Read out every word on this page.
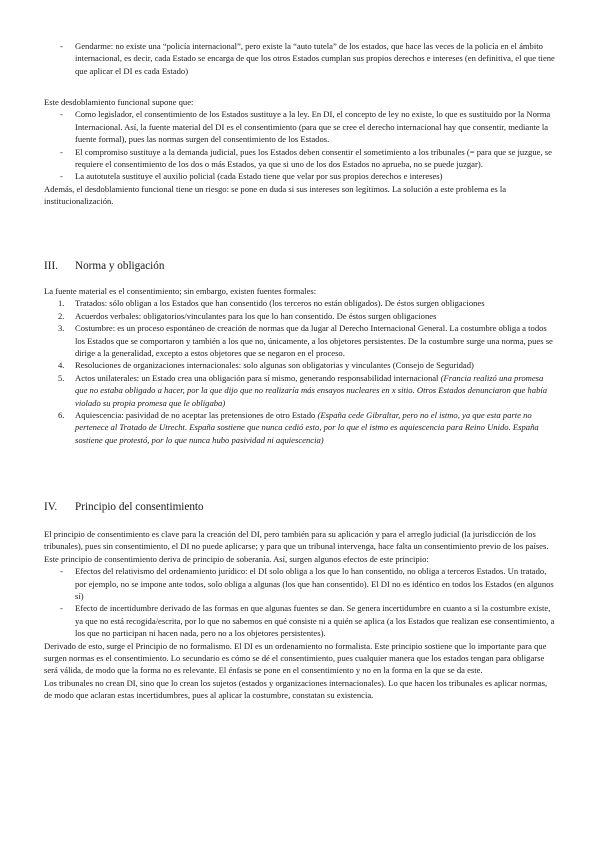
- Gendarme: no existe una “policía internacional”, pero existe la “auto tutela” de los estados, que hace las veces de la policía en el ámbito internacional, es decir, cada Estado se encarga de que los otros Estados cumplan sus propios derechos e intereses (en definitiva, el que tiene que aplicar el DI es cada Estado)

Este desdoblamiento funcional supone que:

- Como legislador, el consentimiento de los Estados sustituye a la ley. En DI, el concepto de ley no existe, lo que es sustituido por la Norma Internacional. Así, la fuente material del DI es el consentimiento (para que se cree el derecho internacional hay que consentir, mediante la fuente formal), pues las normas surgen del consentimiento de los Estados.
- El compromiso sustituye a la demanda judicial, pues los Estados deben consentir el sometimiento a los tribunales (= para que se juzgue, se requiere el consentimiento de los dos o más Estados, ya que si uno de los dos Estados no aprueba, no se puede juzgar).
- La autotutela sustituye el auxilio policial (cada Estado tiene que velar por sus propios derechos e intereses)

Además, el desdoblamiento funcional tiene un riesgo: se pone en duda si sus intereses son legítimos. La solución a este problema es la institucionalización.

III. Norma y obligación

La fuente material es el consentimiento; sin embargo, existen fuentes formales:

1. Tratados: sólo obligan a los Estados que han consentido (los terceros no están obligados). De éstos surgen obligaciones
2. Acuerdos verbales: obligatorios/vinculantes para los que lo han consentido. De éstos surgen obligaciones
3. Costumbre: es un proceso espontáneo de creación de normas que da lugar al Derecho Internacional General. La costumbre obliga a todos los Estados que se comportaron y también a los que no, únicamente, a los objetores persistentes. De la costumbre surge una norma, pues se dirige a la generalidad, excepto a estos objetores que se negaron en el proceso.
4. Resoluciones de organizaciones internacionales: solo algunas son obligatorias y vinculantes (Consejo de Seguridad)
5. Actos unilaterales: un Estado crea una obligación para sí mismo, generando responsabilidad internacional (Francia realizó una promesa que no estaba obligado a hacer, por la que dijo que no realizaría más ensayos nucleares en x sitio. Otros Estados denunciaron que había violado su propia promesa que le obligaba)
6. Aquiescencia: pasividad de no aceptar las pretensiones de otro Estado (España cede Gibraltar, pero no el istmo, ya que esta parte no pertenece al Tratado de Utrecht. España sostiene que nunca cedió esto, por lo que el istmo es aquiescencia para Reino Unido. España sostiene que protestó, por lo que nunca hubo pasividad ni aquiescencia)
IV. Principio del consentimiento

El principio de consentimiento es clave para la creación del DI, pero también para su aplicación y para el arreglo judicial (la jurisdicción de los tribunales), pues sin consentimiento, el DI no puede aplicarse; y para que un tribunal intervenga, hace falta un consentimiento previo de los países. Este principio de consentimiento deriva de principio de soberanía. Así, surgen algunos efectos de este principio:

- Efectos del relativismo del ordenamiento jurídico: el DI solo obliga a los que lo han consentido, no obliga a terceros Estados. Un tratado, por ejemplo, no se impone ante todos, solo obliga a algunas (los que han consentido). El DI no es idéntico en todos los Estados (en algunos sí)
- Efecto de incertidumbre derivado de las formas en que algunas fuentes se dan. Se genera incertidumbre en cuanto a si la costumbre existe, ya que no está recogida/escrita, por lo que no sabemos en qué consiste ni a quién se aplica (a los Estados que realizan ese consentimiento, a los que no participan ni hacen nada, pero no a los objetores persistentes).

Derivado de esto, surge el Principio de no formalismo. El DI es un ordenamiento no formalista. Este principio sostiene que lo importante para que surgen normas es el consentimiento. Lo secundario es cómo se dé el consentimiento, pues cualquier manera que los estados tengan para obligarse será válida, de modo que la forma no es relevante. El énfasis se pone en el consentimiento y no en la forma en la que se da este.

Los tribunales no crean DI, sino que lo crean los sujetos (estados y organizaciones internacionales). Lo que hacen los tribunales es aplicar normas, de modo que aclaran estas incertidumbres, pues al aplicar la costumbre, constatan su existencia.
